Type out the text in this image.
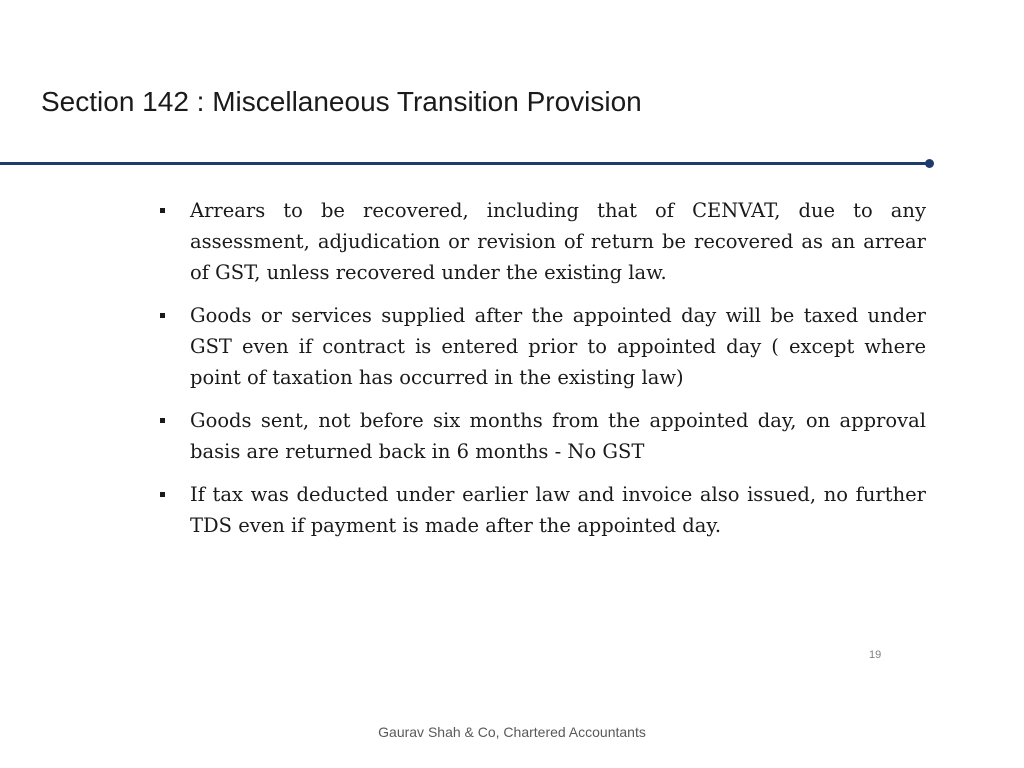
Section 142 : Miscellaneous Transition Provision
Arrears to be recovered, including that of CENVAT, due to any assessment, adjudication or revision of return be recovered as an arrear of GST, unless recovered under the existing law.
Goods or services supplied after the appointed day will be taxed under GST even if contract is entered prior to appointed day ( except where point of taxation has occurred in the existing law)
Goods sent, not before six months from the appointed day, on approval basis are returned back in 6 months - No GST
If tax was deducted under earlier law and invoice also issued, no further TDS even if payment is made after the appointed day.
19
Gaurav Shah & Co, Chartered Accountants
